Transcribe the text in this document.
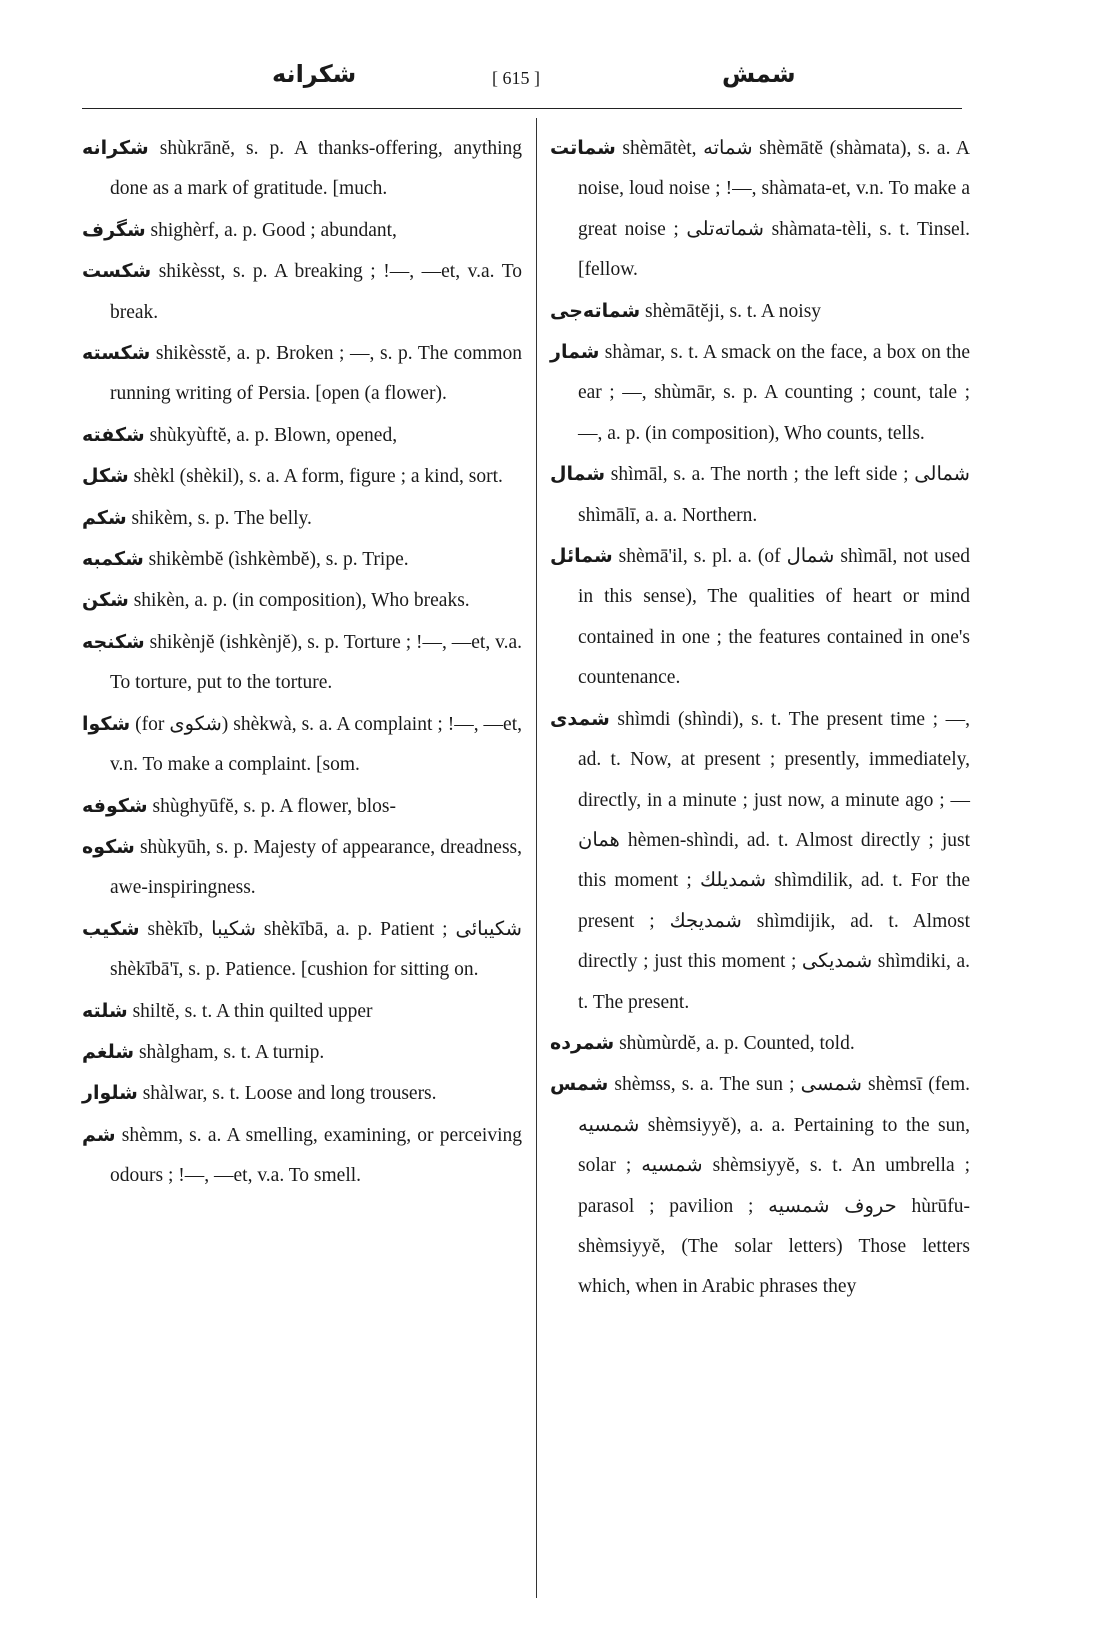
شكرانه	[ 615 ]	شمش
شكرانه shùkrānĕ, s. p. A thanks-offering, anything done as a mark of gratitude. [much.
شگرف shighèrf, a. p. Good ; abundant,
شكست shikèsst, s. p. A breaking ; !—, —et, v.a. To break.
شكسته shikèsstĕ, a. p. Broken ; —, s. p. The common running writing of Persia. [open (a flower).
شكفته shùkyùftĕ, a. p. Blown, opened,
شكل shèkl (shèkil), s. a. A form, figure ; a kind, sort.
شكم shikèm, s. p. The belly.
شكمبه shikèmbĕ (ìshkèmbĕ), s. p. Tripe.
شكن shikèn, a. p. (in composition), Who breaks.
شكنجه shikènjĕ (ishkènjĕ), s. p. Torture ; !—, —et, v.a. To torture, put to the torture.
شكوا (for شكوى) shèkwà, s. a. A complaint ; !—, —et, v.n. To make a complaint. [som.
شكوفه shùghyūfĕ, s. p. A flower, blos-
شكوه shùkyūh, s. p. Majesty of appearance, dreadness, awe-inspiringness.
شكيب shèkīb, شكيبا shèkībā, a. p. Patient ; شكيبائى shèkībā'ī, s. p. Patience. [cushion for sitting on.
شلته shiltĕ, s. t. A thin quilted upper
شلغم shàlgham, s. t. A turnip.
شلوار shàlwar, s. t. Loose and long trousers.
شم shèmm, s. a. A smelling, examining, or perceiving odours ; !—, —et, v.a. To smell.
شماتت shèmātèt, شماته shèmātĕ (shàmata), s. a. A noise, loud noise ; !—, shàmata-et, v.n. To make a great noise ; شماته‌تلى shàmata-tèli, s. t. Tinsel. [fellow.
شماته‌جى shèmātĕji, s. t. A noisy
شمار shàmar, s. t. A smack on the face, a box on the ear ; —, shùmār, s. p. A counting ; count, tale ; —, a. p. (in composition), Who counts, tells.
شمال shìmāl, s. a. The north ; the left side ; شمالى shìmālī, a. a. Northern.
شمائل shèmā'il, s. pl. a. (of شمال shìmāl, not used in this sense), The qualities of heart or mind contained in one ; the features contained in one's countenance.
شمدى shìmdi (shìndi), s. t. The present time ; —, ad. t. Now, at present ; presently, immediately, directly, in a minute ; just now, a minute ago ; —همان hèmen-shìndi, ad. t. Almost directly ; just this moment ; شمديلك shìmdilik, ad. t. For the present ; شمديجك shìmdijik, ad. t. Almost directly ; just this moment ; شمديكى shìmdiki, a. t. The present.
شمرده shùmùrdĕ, a. p. Counted, told.
شمس shèmss, s. a. The sun ; شمسى shèmsī (fem. شمسيه shèmsiyyĕ), a. a. Pertaining to the sun, solar ; شمسيه shèmsiyyĕ, s. t. An umbrella ; parasol ; pavilion ; حروف شمسيه hùrūfu-shèmsiyyĕ, (The solar letters) Those letters which, when in Arabic phrases they
